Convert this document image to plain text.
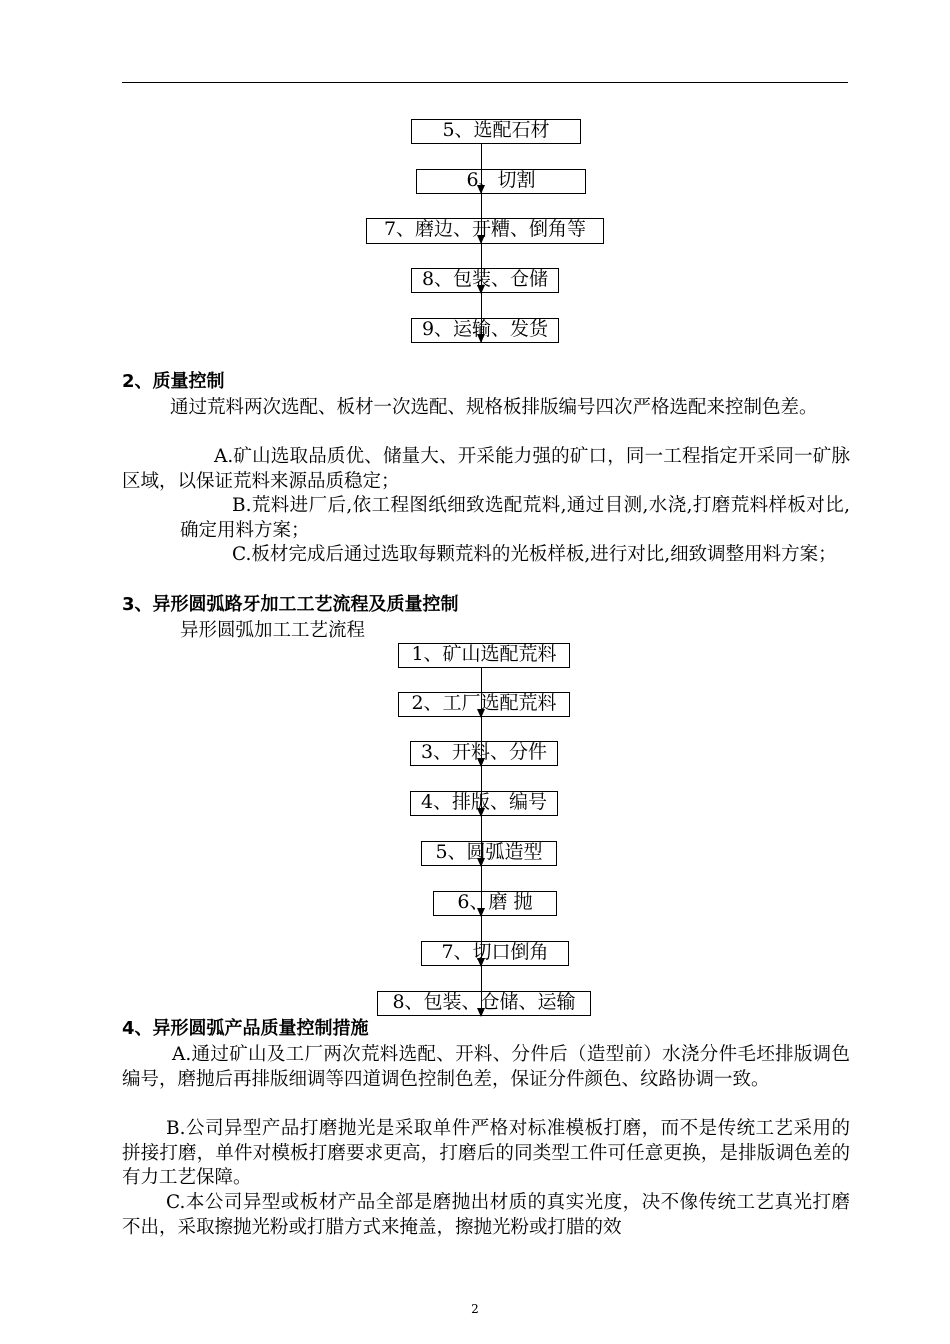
5、选配石材
6、切割
7、磨边、开糟、倒角等
8、包装、仓储
9、运输、发货
2、质量控制
通过荒料两次选配、板材一次选配、规格板排版编号四次严格选配来控制色差。
A.矿山选取品质优、储量大、开采能力强的矿口，同一工程指定开采同一矿脉区域，以保证荒料来源品质稳定；
B.荒料进厂后,依工程图纸细致选配荒料,通过目测,水浇,打磨荒料样板对比,确定用料方案；
C.板材完成后通过选取每颗荒料的光板样板,进行对比,细致调整用料方案；
3、异形圆弧路牙加工工艺流程及质量控制
异形圆弧加工工艺流程
1、矿山选配荒料
2、工厂选配荒料
3、开料、分件
4、排版、编号
5、圆弧造型
6、磨 抛
7、切口倒角
8、包装、仓储、运输
4、异形圆弧产品质量控制措施
A.通过矿山及工厂两次荒料选配、开料、分件后（造型前）水浇分件毛坯排版调色编号，磨抛后再排版细调等四道调色控制色差，保证分件颜色、纹路协调一致。
B.公司异型产品打磨抛光是采取单件严格对标准模板打磨，而不是传统工艺采用的拼接打磨，单件对模板打磨要求更高，打磨后的同类型工件可任意更换，是排版调色差的有力工艺保障。
C.本公司异型或板材产品全部是磨抛出材质的真实光度，决不像传统工艺真光打磨不出，采取擦抛光粉或打腊方式来掩盖，擦抛光粉或打腊的效
2
